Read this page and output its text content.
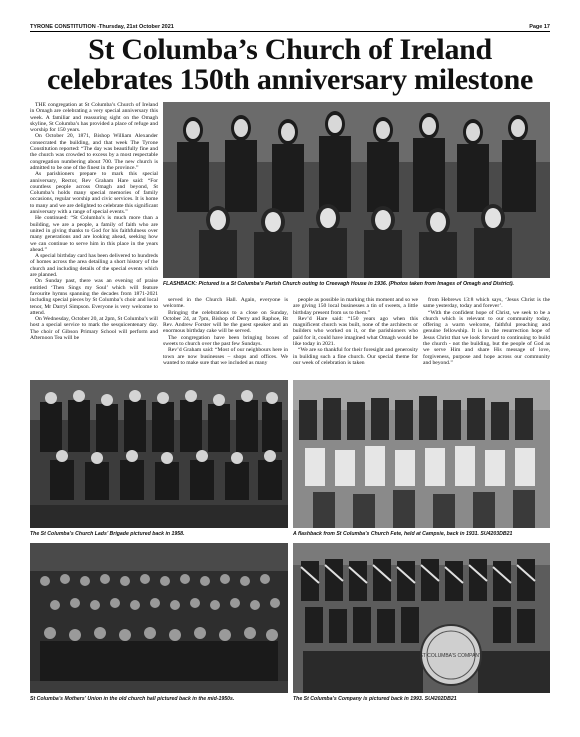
TYRONE CONSTITUTION -Thursday, 21st October 2021	Page 17
St Columba’s Church of Ireland
celebrates 150th anniversary milestone

THE congregation at St Columba’s Church of Ireland in Omagh are celebrating a very special anniversary this week. A familiar and reassuring sight on the Omagh skyline, St Columba’s has provided a place of refuge and worship for 150 years.

On October 20, 1871, Bishop William Alexander consecrated the building, and that week The Tyrone Constitution reported: “The day was beautifully fine and the church was crowded to excess by a most respectable congregation numbering about 700. The new church is admitted to be one of the finest in the province.”

As parishioners prepare to mark this special anniversary, Rector, Rev Graham Hare said: “For countless people across Omagh and beyond, St Columba’s holds many special memories of family occasions, regular worship and civic services. It is home to many and we are delighted to celebrate this significant anniversary with a range of special events.”

He continued: “St Columba’s is much more than a building, we are a people, a family of faith who are united in giving thanks to God for his faithfulness over many generations and are looking ahead, seeking how we can continue to serve him in this place in the years ahead.”

A special birthday card has been delivered to hundreds of homes across the area detailing a short history of the church and including details of the special events which are planned.

On Sunday past, there was an evening of praise entitled ‘Then Sings my Soul’ which will feature favourite hymns spanning the decades from 1871-2021 including special pieces by St Columba’s choir and local tenor, Mr Darryl Simpson. Everyone is very welcome to attend.

On Wednesday, October 20, at 2pm, St Columba’s will host a special service to mark the sesquicentenary day. The choir of Gibson Primary School will perform and Afternoon Tea will be

FLASHBACK: Pictured is a St Columba’s Parish Church outing to Creevagh House in 1936. (Photos taken from Images of Omagh and District).

served in the Church Hall. Again, everyone is welcome.

Bringing the celebrations to a close on Sunday, October 24, at 7pm, Bishop of Derry and Raphoe, Rt Rev. Andrew Forster will be the guest speaker and an enormous birthday cake will be served.

The congregation have been bringing boxes of sweets to church over the past few Sundays.

Rev’d Graham said: “Most of our neighbours here in town are now businesses – shops and offices. We wanted to make sure that we included as many

people as possible in marking this moment and so we are giving 150 local businesses a tin of sweets, a little birthday present from us to them.”

Rev’d Hare said: “150 years ago when this magnificent church was built, none of the architects or builders who worked on it, or the parishioners who paid for it, could have imagined what Omagh would be like today in 2021.

“We are so thankful for their foresight and generosity in building such a fine church. Our special theme for our week of celebration is taken

from Hebrews 13:8 which says, ‘Jesus Christ is the same yesterday, today and forever’.

“With the confident hope of Christ, we seek to be a church which is relevant to our community today, offering a warm welcome, faithful preaching and genuine fellowship. It is in the resurrection hope of Jesus Christ that we look forward to continuing to build the church - not the building, but the people of God as we serve Him and share His message of love, forgiveness, purpose and hope across our community and beyond.”

The St Columba’s Church Lads’ Brigade pictured back in 1958.	A flashback from St Columba’s Church Fete, held at Campsie, back in 1931. SU4203DB21
St Columba’s Mothers’ Union in the old church hall pictured back in the mid-1950s.
ST COLUMBA’S COMPANY
The St Columba’s Company is pictured back in 1993. SU4202DB21
